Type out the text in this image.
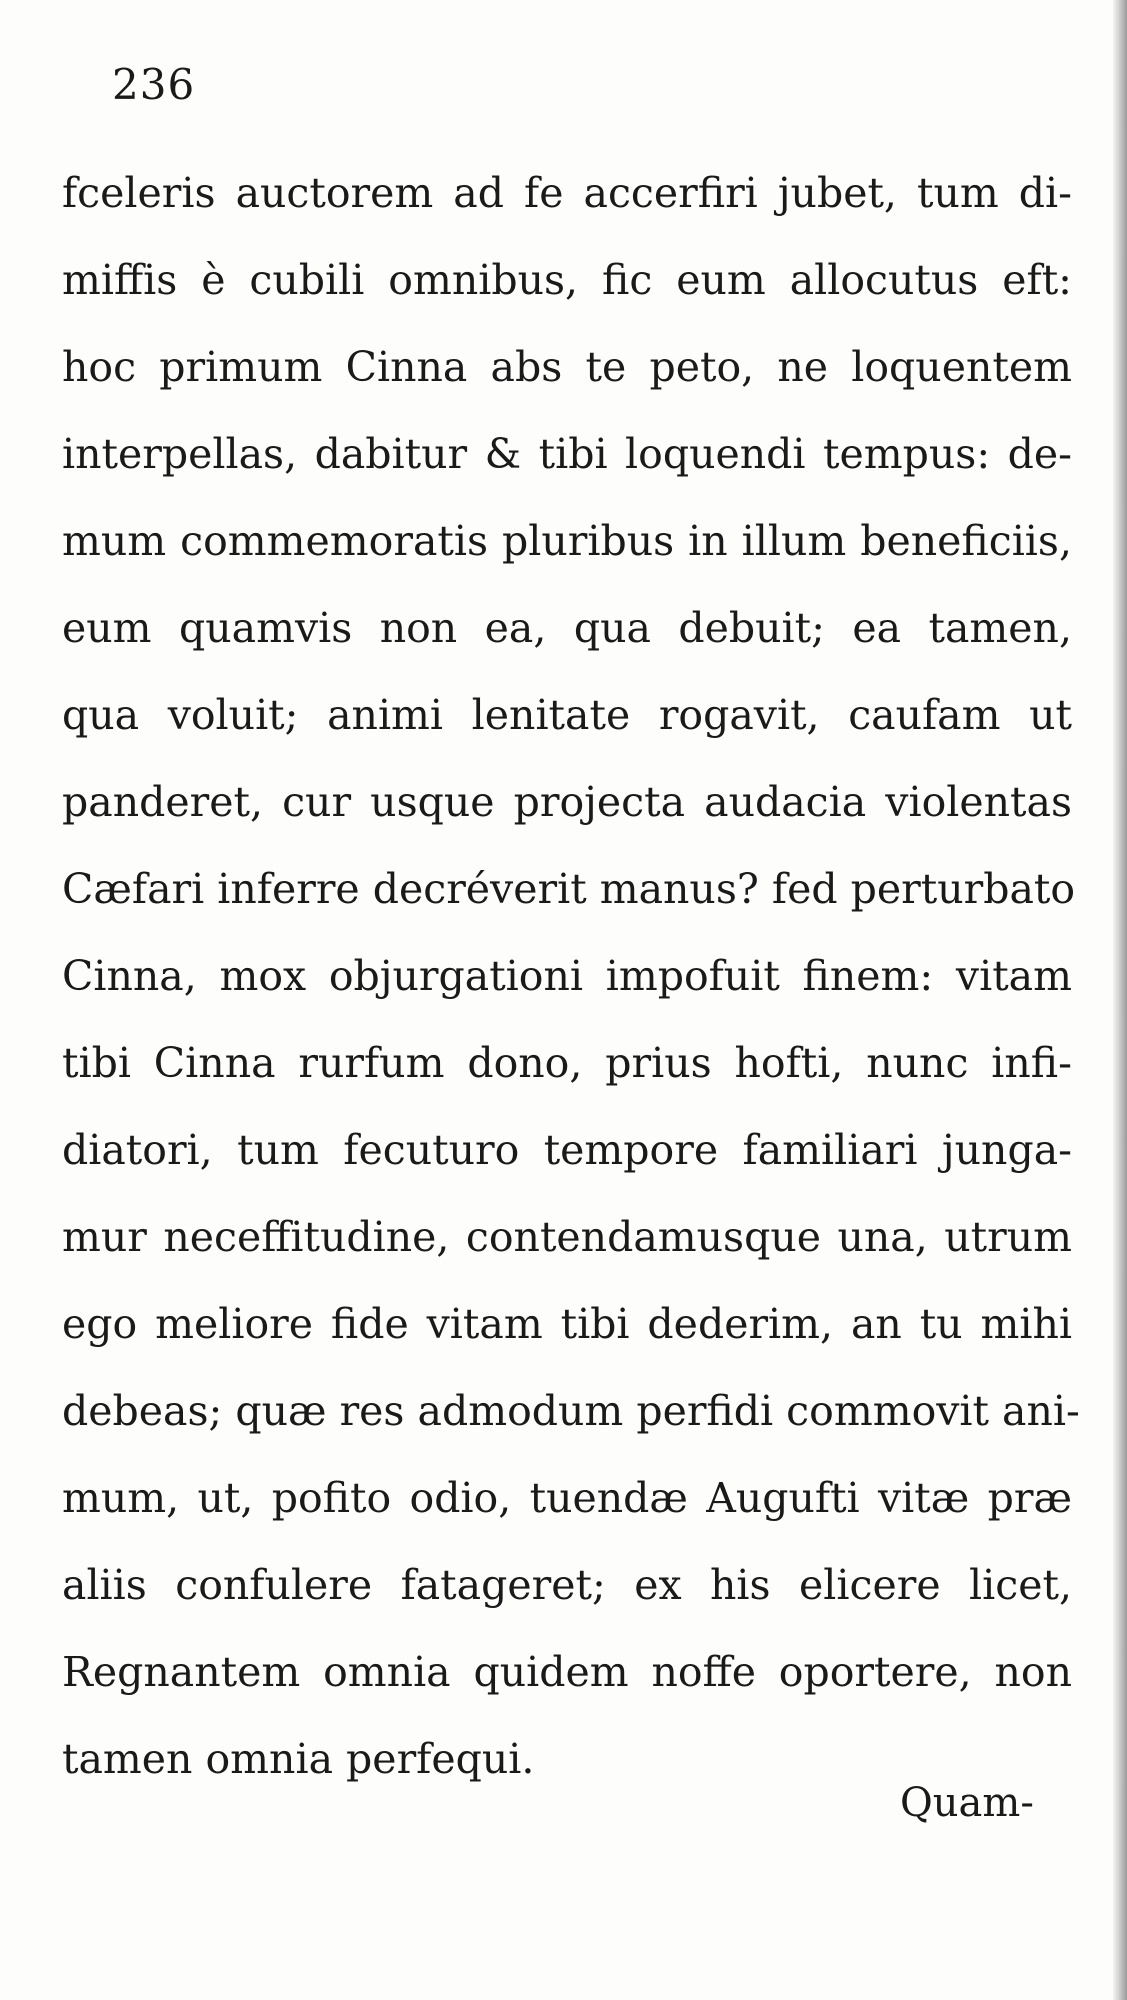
236
fceleris auctorem ad fe accerfiri jubet, tum di-
miffis è cubili omnibus, fic eum allocutus eft:
hoc primum Cinna abs te peto, ne loquentem
interpellas, dabitur & tibi loquendi tempus: de-
mum commemoratis pluribus in illum beneficiis,
eum quamvis non ea, qua debuit; ea tamen,
qua voluit; animi lenitate rogavit, caufam ut
panderet, cur usque projecta audacia violentas
Cæfari inferre decréverit manus? fed perturbato
Cinna, mox objurgationi impofuit finem: vitam
tibi Cinna rurfum dono, prius hofti, nunc infi-
diatori, tum fecuturo tempore familiari junga-
mur neceffitudine, contendamusque una, utrum
ego meliore fide vitam tibi dederim, an tu mihi
debeas; quæ res admodum perfidi commovit ani-
mum, ut, pofito odio, tuendæ Augufti vitæ præ
aliis confulere fatageret; ex his elicere licet,
Regnantem omnia quidem noffe oportere, non
tamen omnia perfequi.
Quam-
